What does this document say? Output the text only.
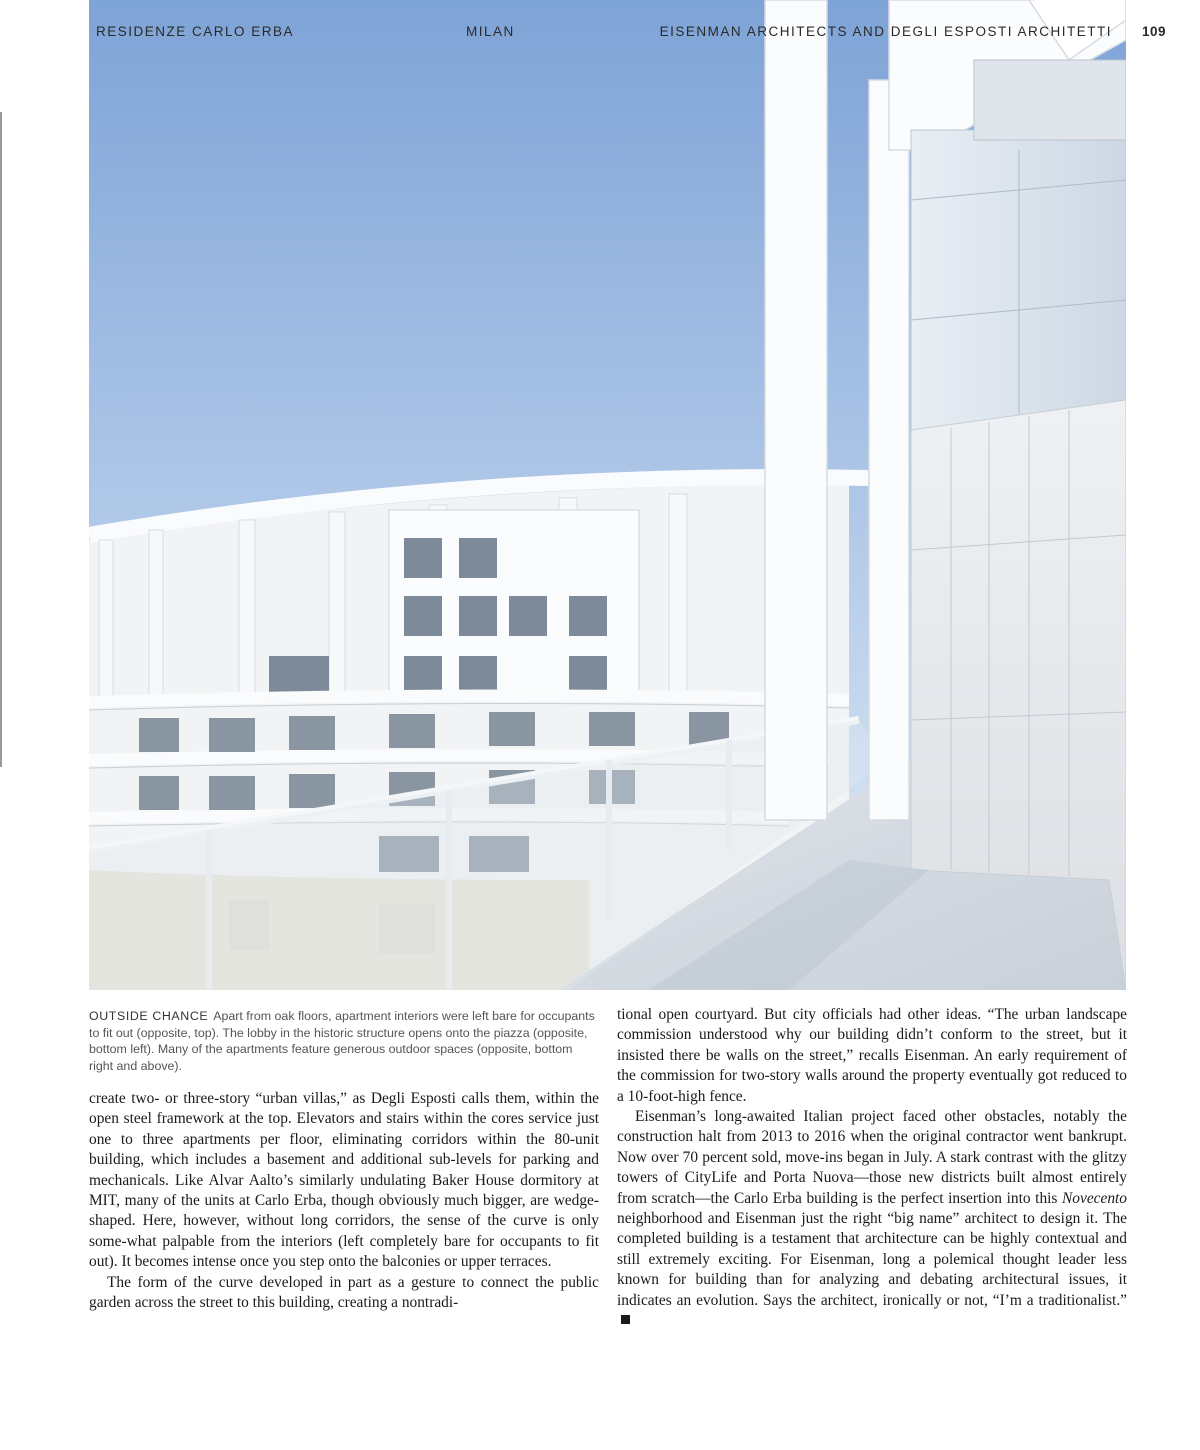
RESIDENZE CARLO ERBA	MILAN	EISENMAN ARCHITECTS AND DEGLI ESPOSTI ARCHITETTI 109
OUTSIDE CHANCE Apart from oak floors, apartment interiors were left bare for occupants to fit out (opposite, top). The lobby in the historic structure opens onto the piazza (opposite, bottom left). Many of the apartments feature generous outdoor spaces (opposite, bottom right and above).

create two- or three-story “urban villas,” as Degli Esposti calls them, within the open steel framework at the top. Elevators and stairs within the cores service just one to three apartments per floor, eliminating corridors within the 80-unit building, which includes a basement and additional sub-levels for parking and mechanicals. Like Alvar Aalto’s similarly undulating Baker House dormitory at MIT, many of the units at Carlo Erba, though obviously much bigger, are wedge-shaped. Here, however, without long corridors, the sense of the curve is only some-what palpable from the interiors (left completely bare for occupants to fit out). It becomes intense once you step onto the balconies or upper terraces.

The form of the curve developed in part as a gesture to connect the public garden across the street to this building, creating a nontradi-

tional open courtyard. But city officials had other ideas. “The urban landscape commission understood why our building didn’t conform to the street, but it insisted there be walls on the street,” recalls Eisenman. An early requirement of the commission for two-story walls around the property eventually got reduced to a 10-foot-high fence.

Eisenman’s long-awaited Italian project faced other obstacles, notably the construction halt from 2013 to 2016 when the original contractor went bankrupt. Now over 70 percent sold, move-ins began in July. A stark contrast with the glitzy towers of CityLife and Porta Nuova—those new districts built almost entirely from scratch—the Carlo Erba building is the perfect insertion into this Novecento neighborhood and Eisenman just the right “big name” architect to design it. The completed building is a testament that architecture can be highly contextual and still extremely exciting. For Eisenman, long a polemical thought leader less known for building than for analyzing and debating architectural issues, it indicates an evolution. Says the architect, ironically or not, “I’m a traditionalist.”
